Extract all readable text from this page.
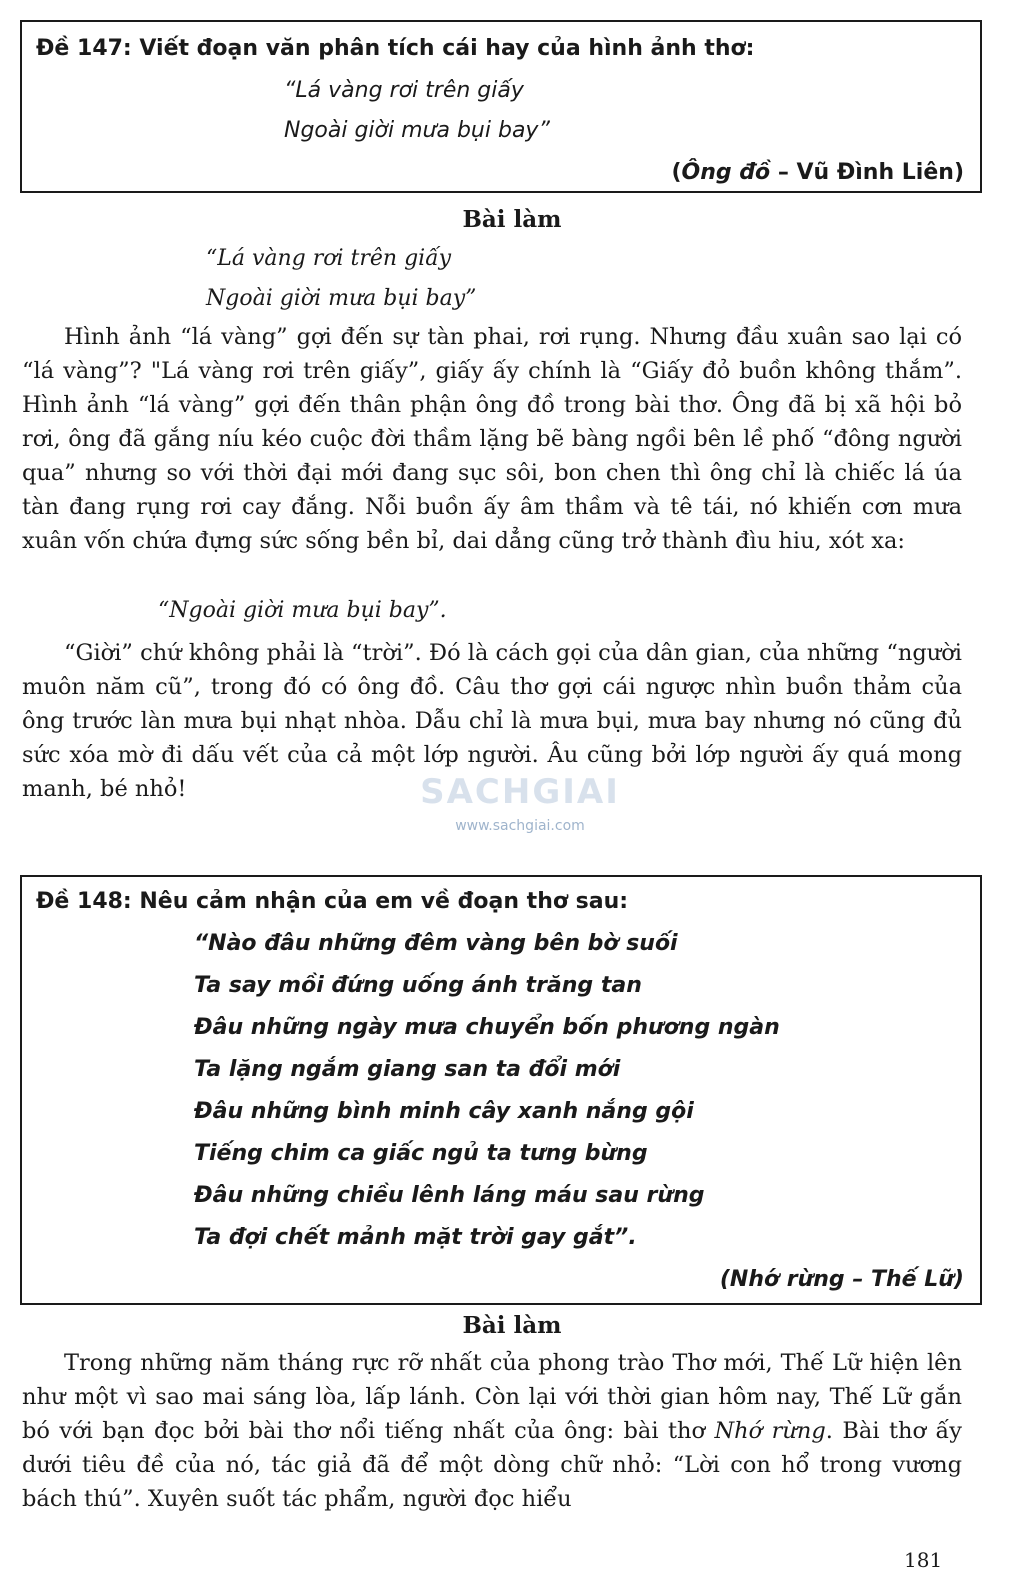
Đề 147: Viết đoạn văn phân tích cái hay của hình ảnh thơ:
“Lá vàng rơi trên giấy
Ngoài giời mưa bụi bay”
(Ông đồ – Vũ Đình Liên)
Bài làm
“Lá vàng rơi trên giấy
Ngoài giời mưa bụi bay”

Hình ảnh “lá vàng” gợi đến sự tàn phai, rơi rụng. Nhưng đầu xuân sao lại có “lá vàng”? "Lá vàng rơi trên giấy”, giấy ấy chính là “Giấy đỏ buồn không thắm”. Hình ảnh “lá vàng” gợi đến thân phận ông đồ trong bài thơ. Ông đã bị xã hội bỏ rơi, ông đã gắng níu kéo cuộc đời thầm lặng bẽ bàng ngồi bên lề phố “đông người qua” nhưng so với thời đại mới đang sục sôi, bon chen thì ông chỉ là chiếc lá úa tàn đang rụng rơi cay đắng. Nỗi buồn ấy âm thầm và tê tái, nó khiến cơn mưa xuân vốn chứa đựng sức sống bền bỉ, dai dẳng cũng trở thành đìu hiu, xót xa:

“Ngoài giời mưa bụi bay”.

“Giời” chứ không phải là “trời”. Đó là cách gọi của dân gian, của những “người muôn năm cũ”, trong đó có ông đồ. Câu thơ gợi cái ngược nhìn buồn thảm của ông trước làn mưa bụi nhạt nhòa. Dẫu chỉ là mưa bụi, mưa bay nhưng nó cũng đủ sức xóa mờ đi dấu vết của cả một lớp người. Âu cũng bởi lớp người ấy quá mong manh, bé nhỏ!	SACHGIAI
www.sachgiai.com
Đề 148: Nêu cảm nhận của em về đoạn thơ sau:
“Nào đâu những đêm vàng bên bờ suối
Ta say mồi đứng uống ánh trăng tan
Đâu những ngày mưa chuyển bốn phương ngàn
Ta lặng ngắm giang san ta đổi mới
Đâu những bình minh cây xanh nắng gội
Tiếng chim ca giấc ngủ ta tưng bừng
Đâu những chiều lênh láng máu sau rừng
Ta đợi chết mảnh mặt trời gay gắt”.
(Nhớ rừng – Thế Lữ)
Bài làm

Trong những năm tháng rực rỡ nhất của phong trào Thơ mới, Thế Lữ hiện lên như một vì sao mai sáng lòa, lấp lánh. Còn lại với thời gian hôm nay, Thế Lữ gắn bó với bạn đọc bởi bài thơ nổi tiếng nhất của ông: bài thơ Nhớ rừng. Bài thơ ấy dưới tiêu đề của nó, tác giả đã để một dòng chữ nhỏ: “Lời con hổ trong vương bách thú”. Xuyên suốt tác phẩm, người đọc hiểu

181
